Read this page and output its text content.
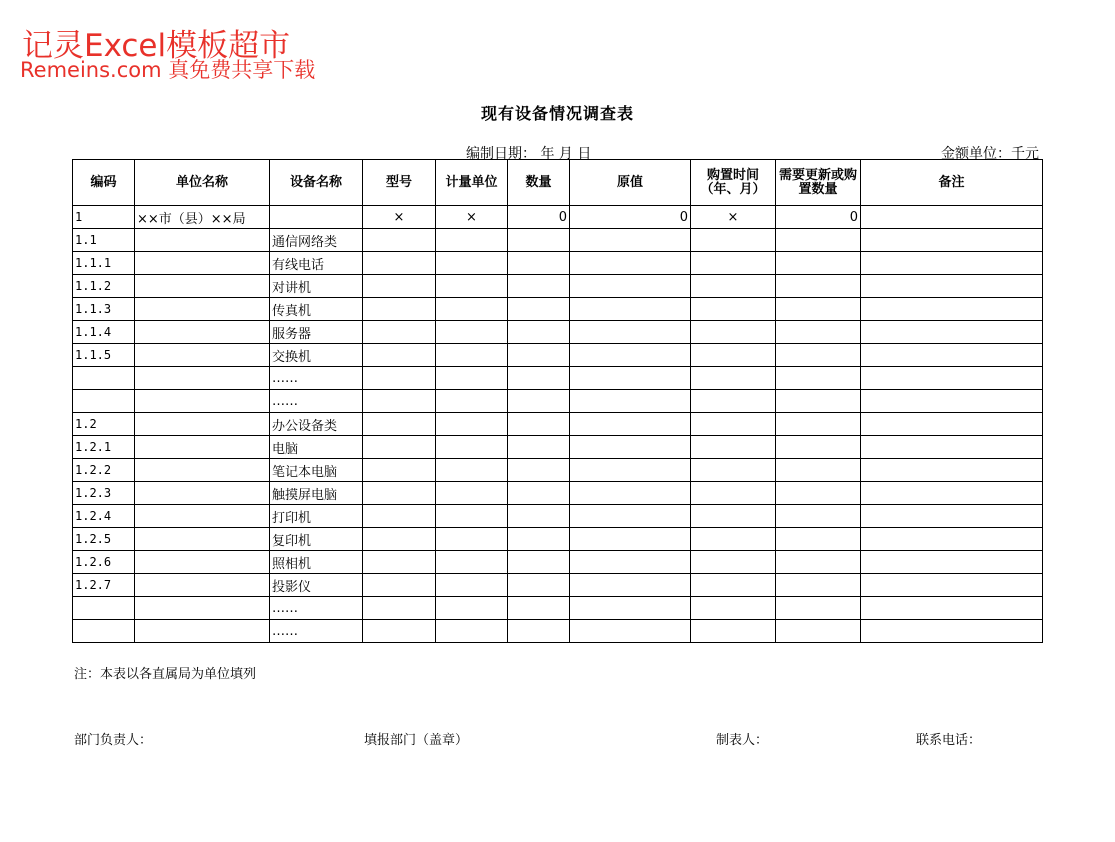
记灵Excel模板超市
Remeins.com 真免费共享下载
现有设备情况调查表
编制日期： 年 月 日	金额单位：千元
编码	单位名称	设备名称	型号	计量单位	数量	原值	购置时间（年、月）	需要更新或购置数量	备注
1	××市（县）××局		×	×	0	0	×	0	
1.1		通信网络类							
1.1.1		有线电话							
1.1.2		对讲机							
1.1.3		传真机							
1.1.4		服务器							
1.1.5		交换机							
		……							
		……							
1.2		办公设备类							
1.2.1		电脑							
1.2.2		笔记本电脑							
1.2.3		触摸屏电脑							
1.2.4		打印机							
1.2.5		复印机							
1.2.6		照相机							
1.2.7		投影仪							
		……							
		……							
注：本表以各直属局为单位填列
部门负责人：	填报部门（盖章）	制表人：	联系电话：
